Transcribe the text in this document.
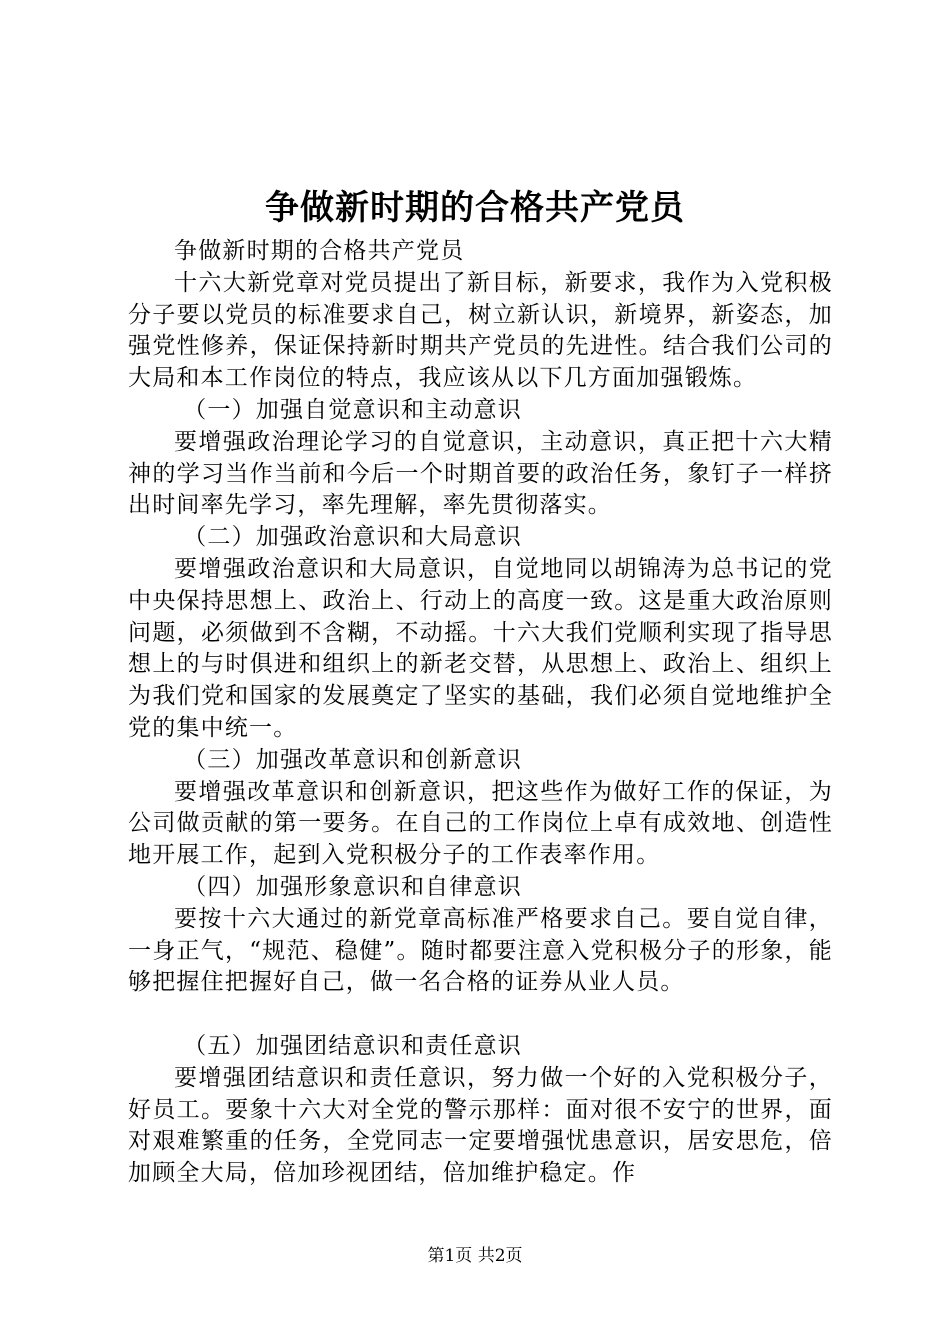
争做新时期的合格共产党员

争做新时期的合格共产党员

十六大新党章对党员提出了新目标，新要求，我作为入党积极分子要以党员的标准要求自己，树立新认识，新境界，新姿态，加强党性修养，保证保持新时期共产党员的先进性。结合我们公司的大局和本工作岗位的特点，我应该从以下几方面加强锻炼。

（一）加强自觉意识和主动意识

要增强政治理论学习的自觉意识，主动意识，真正把十六大精神的学习当作当前和今后一个时期首要的政治任务，象钉子一样挤出时间率先学习，率先理解，率先贯彻落实。

（二）加强政治意识和大局意识

要增强政治意识和大局意识，自觉地同以胡锦涛为总书记的党中央保持思想上、政治上、行动上的高度一致。这是重大政治原则问题，必须做到不含糊，不动摇。十六大我们党顺利实现了指导思想上的与时俱进和组织上的新老交替，从思想上、政治上、组织上为我们党和国家的发展奠定了坚实的基础，我们必须自觉地维护全党的集中统一。

（三）加强改革意识和创新意识

要增强改革意识和创新意识，把这些作为做好工作的保证，为公司做贡献的第一要务。在自己的工作岗位上卓有成效地、创造性地开展工作，起到入党积极分子的工作表率作用。

（四）加强形象意识和自律意识

要按十六大通过的新党章高标准严格要求自己。要自觉自律，一身正气，“规范、稳健”。随时都要注意入党积极分子的形象，能够把握住把握好自己，做一名合格的证券从业人员。

（五）加强团结意识和责任意识

要增强团结意识和责任意识，努力做一个好的入党积极分子，好员工。要象十六大对全党的警示那样：面对很不安宁的世界，面对艰难繁重的任务，全党同志一定要增强忧患意识，居安思危，倍加顾全大局，倍加珍视团结，倍加维护稳定。作

第1页 共2页
